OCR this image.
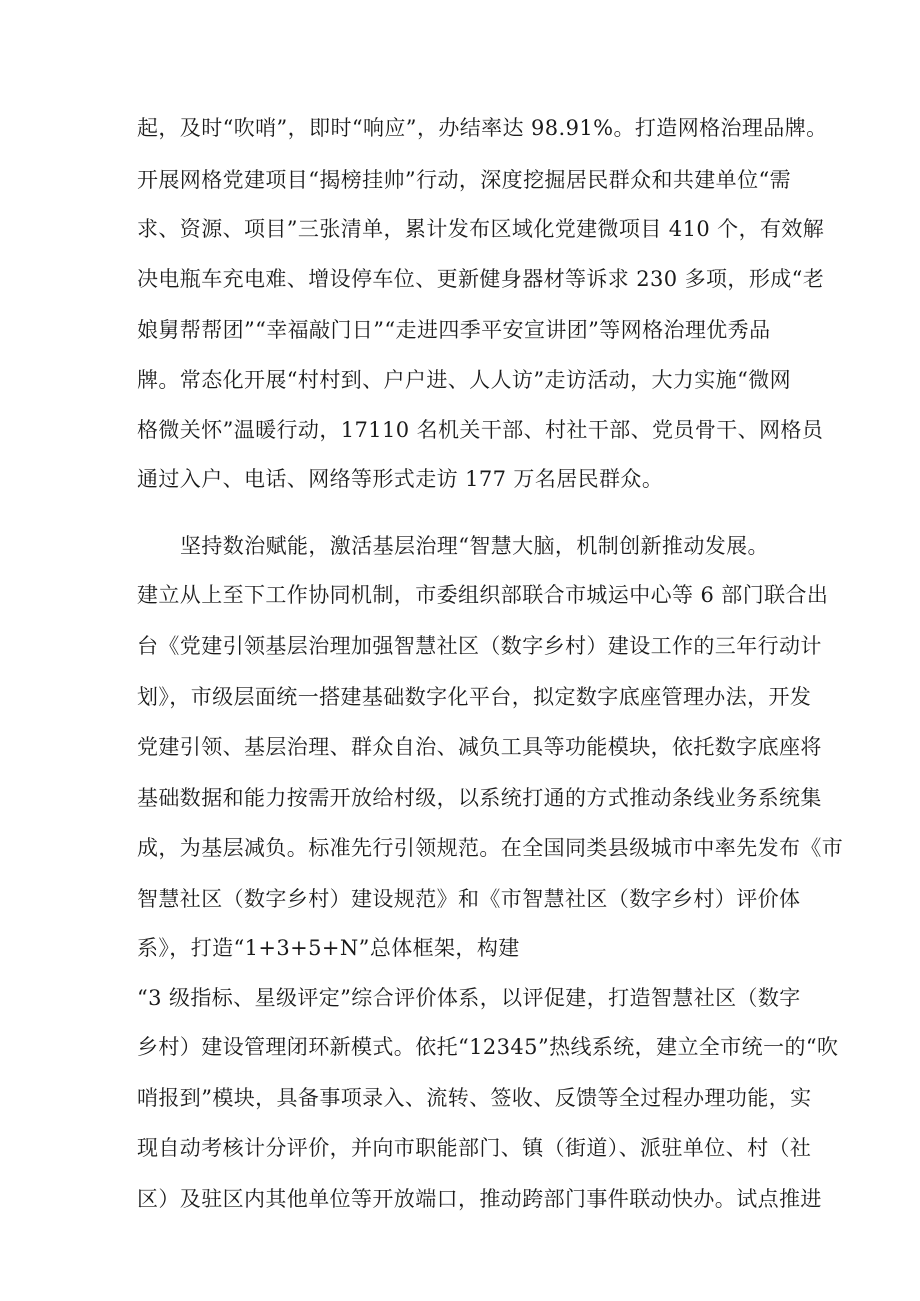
起，及时“吹哨”，即时“响应”，办结率达 98.91%。打造网格治理品牌。
开展网格党建项目“揭榜挂帅”行动，深度挖掘居民群众和共建单位“需
求、资源、项目”三张清单，累计发布区域化党建微项目 410 个，有效解
决电瓶车充电难、增设停车位、更新健身器材等诉求 230 多项，形成“老
娘舅帮帮团”“幸福敲门日”“走进四季平安宣讲团”等网格治理优秀品
牌。常态化开展“村村到、户户进、人人访”走访活动，大力实施“微网
格微关怀”温暖行动，17110 名机关干部、村社干部、党员骨干、网格员
通过入户、电话、网络等形式走访 177 万名居民群众。
坚持数治赋能，激活基层治理“智慧大脑，机制创新推动发展。
建立从上至下工作协同机制，市委组织部联合市城运中心等 6 部门联合出
台《党建引领基层治理加强智慧社区（数字乡村）建设工作的三年行动计
划》，市级层面统一搭建基础数字化平台，拟定数字底座管理办法，开发
党建引领、基层治理、群众自治、减负工具等功能模块，依托数字底座将
基础数据和能力按需开放给村级，以系统打通的方式推动条线业务系统集
成，为基层减负。标准先行引领规范。在全国同类县级城市中率先发布《市
智慧社区（数字乡村）建设规范》和《市智慧社区（数字乡村）评价体
系》，打造“1+3+5+N”总体框架，构建
“3 级指标、星级评定”综合评价体系，以评促建，打造智慧社区（数字
乡村）建设管理闭环新模式。依托“12345”热线系统，建立全市统一的“吹
哨报到”模块，具备事项录入、流转、签收、反馈等全过程办理功能，实
现自动考核计分评价，并向市职能部门、镇（街道）、派驻单位、村（社
区）及驻区内其他单位等开放端口，推动跨部门事件联动快办。试点推进
